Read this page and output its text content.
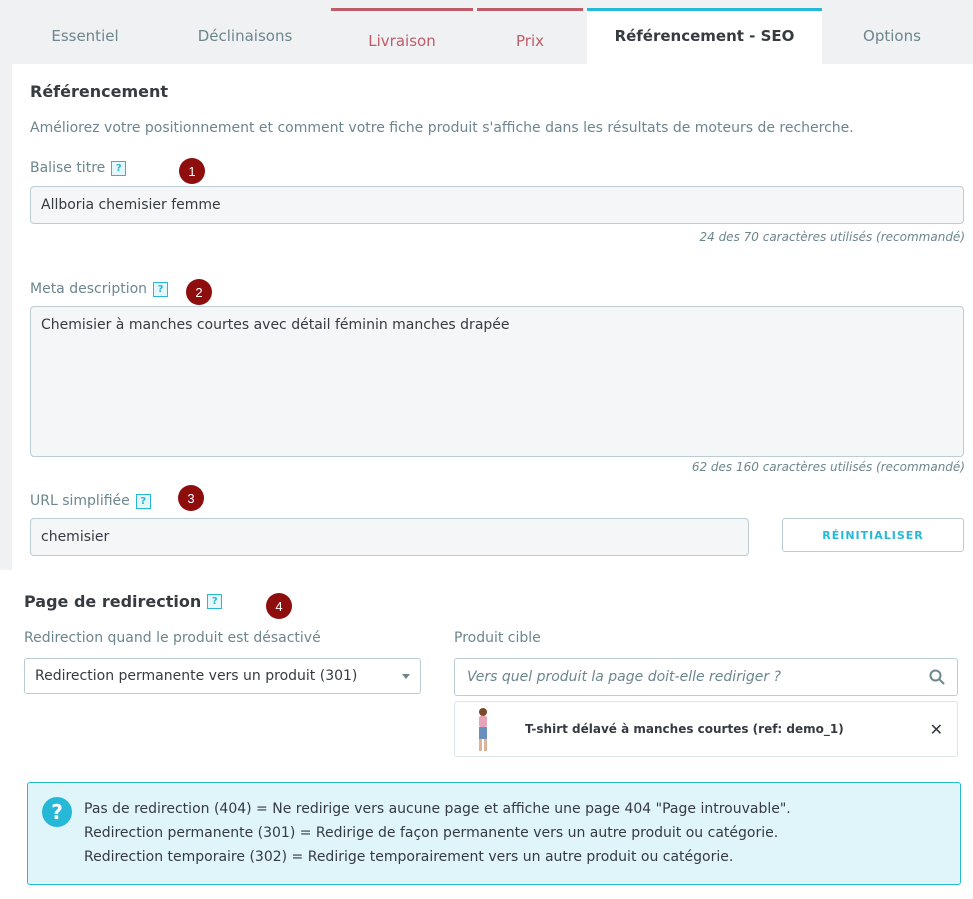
Essentiel	Déclinaisons	Livraison	Prix	Référencement - SEO	Options
Référencement
Améliorez votre positionnement et comment votre fiche produit s'affiche dans les résultats de moteurs de recherche.
Balise titre	?	1
Allboria chemisier femme
24 des 70 caractères utilisés (recommandé)
Meta description	?	2
Chemisier à manches courtes avec détail féminin manches drapée
62 des 160 caractères utilisés (recommandé)
URL simplifiée	?	3
chemisier	RÉINITIALISER
Page de redirection	?	4
Redirection quand le produit est désactivé
Redirection permanente vers un produit (301)
Produit cible
Vers quel produit la page doit-elle rediriger ?
T-shirt délavé à manches courtes (ref: demo_1)	✕
?	Pas de redirection (404) = Ne redirige vers aucune page et affiche une page 404 "Page introuvable".
Redirection permanente (301) = Redirige de façon permanente vers un autre produit ou catégorie.
Redirection temporaire (302) = Redirige temporairement vers un autre produit ou catégorie.
